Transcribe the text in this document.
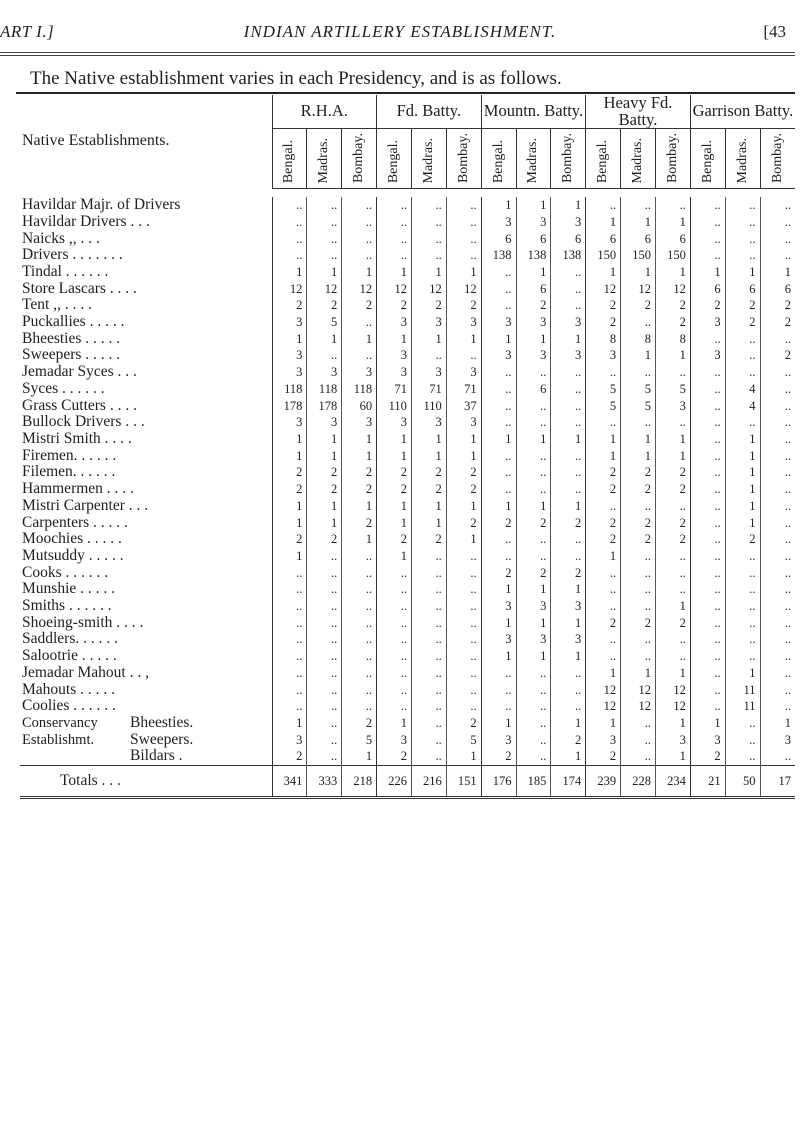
ART I.]	INDIAN ARTILLERY ESTABLISHMENT.	[43
The Native establishment varies in each Presidency, and is as follows.
Native Establishments.	R.H.A.			Fd. Batty.			Mountn. Batty.			Heavy Fd. Batty.			Garrison Batty.		
	Bengal.	Madras.	Bombay.	Bengal.	Madras.	Bombay.	Bengal.	Madras.	Bombay.	Bengal.	Madras.	Bombay.	Bengal.	Madras.	Bombay.

Havildar Majr. of Drivers	..	..	..	..	..	..	1	1	1	..	..	..	..	..	..
Havildar Drivers . . .	..	..	..	..	..	..	3	3	3	1	1	1	..	..	..
Naicks ,, . . .	..	..	..	..	..	..	6	6	6	6	6	6	..	..	..
Drivers . . . . . . .	..	..	..	..	..	..	138	138	138	150	150	150	..	..	..
Tindal . . . . . .	1	1	1	1	1	1	..	1	..	1	1	1	1	1	1
Store Lascars . . . .	12	12	12	12	12	12	..	6	..	12	12	12	6	6	6
Tent ,, . . . .	2	2	2	2	2	2	..	2	..	2	2	2	2	2	2
Puckallies . . . . .	3	5	..	3	3	3	3	3	3	2	..	2	3	2	2
Bheesties . . . . .	1	1	1	1	1	1	1	1	1	8	8	8	..	..	..
Sweepers . . . . .	3	..	..	3	..	..	3	3	3	3	1	1	3	..	2
Jemadar Syces . . .	3	3	3	3	3	3	..	..	..	..	..	..	..	..	..
Syces . . . . . .	118	118	118	71	71	71	..	6	..	5	5	5	..	4	..
Grass Cutters . . . .	178	178	60	110	110	37	..	..	..	5	5	3	..	4	..
Bullock Drivers . . .	3	3	3	3	3	3	..	..	..	..	..	..	..	..	..
Mistri Smith . . . .	1	1	1	1	1	1	1	1	1	1	1	1	..	1	..
Firemen. . . . . .	1	1	1	1	1	1	..	..	..	1	1	1	..	1	..
Filemen. . . . . .	2	2	2	2	2	2	..	..	..	2	2	2	..	1	..
Hammermen . . . .	2	2	2	2	2	2	..	..	..	2	2	2	..	1	..
Mistri Carpenter . . .	1	1	1	1	1	1	1	1	1	..	..	..	..	1	..
Carpenters . . . . .	1	1	2	1	1	2	2	2	2	2	2	2	..	1	..
Moochies . . . . .	2	2	1	2	2	1	..	..	..	2	2	2	..	2	..
Mutsuddy . . . . .	1	..	..	1	..	..	..	..	..	1	..	..	..	..	..
Cooks . . . . . .	..	..	..	..	..	..	2	2	2	..	..	..	..	..	..
Munshie . . . . .	..	..	..	..	..	..	1	1	1	..	..	..	..	..	..
Smiths . . . . . .	..	..	..	..	..	..	3	3	3	..	..	1	..	..	..
Shoeing-smith . . . .	..	..	..	..	..	..	1	1	1	2	2	2	..	..	..
Saddlers. . . . . .	..	..	..	..	..	..	3	3	3	..	..	..	..	..	..
Salootrie . . . . .	..	..	..	..	..	..	1	1	1	..	..	..	..	..	..
Jemadar Mahout . . ,	..	..	..	..	..	..	..	..	..	1	1	1	..	1	..
Mahouts . . . . .	..	..	..	..	..	..	..	..	..	12	12	12	..	11	..
Coolies . . . . . .	..	..	..	..	..	..	..	..	..	12	12	12	..	11	..
Conservancy Bheesties.	1	..	2	1	..	2	1	..	1	1	..	1	1	..	1
Establishmt. Sweepers.	3	..	5	3	..	5	3	..	2	3	..	3	3	..	3
Bildars .	2	..	1	2	..	1	2	..	1	2	..	1	2	..	..
Totals . . .	341	333	218	226	216	151	176	185	174	239	228	234	21	50	17
